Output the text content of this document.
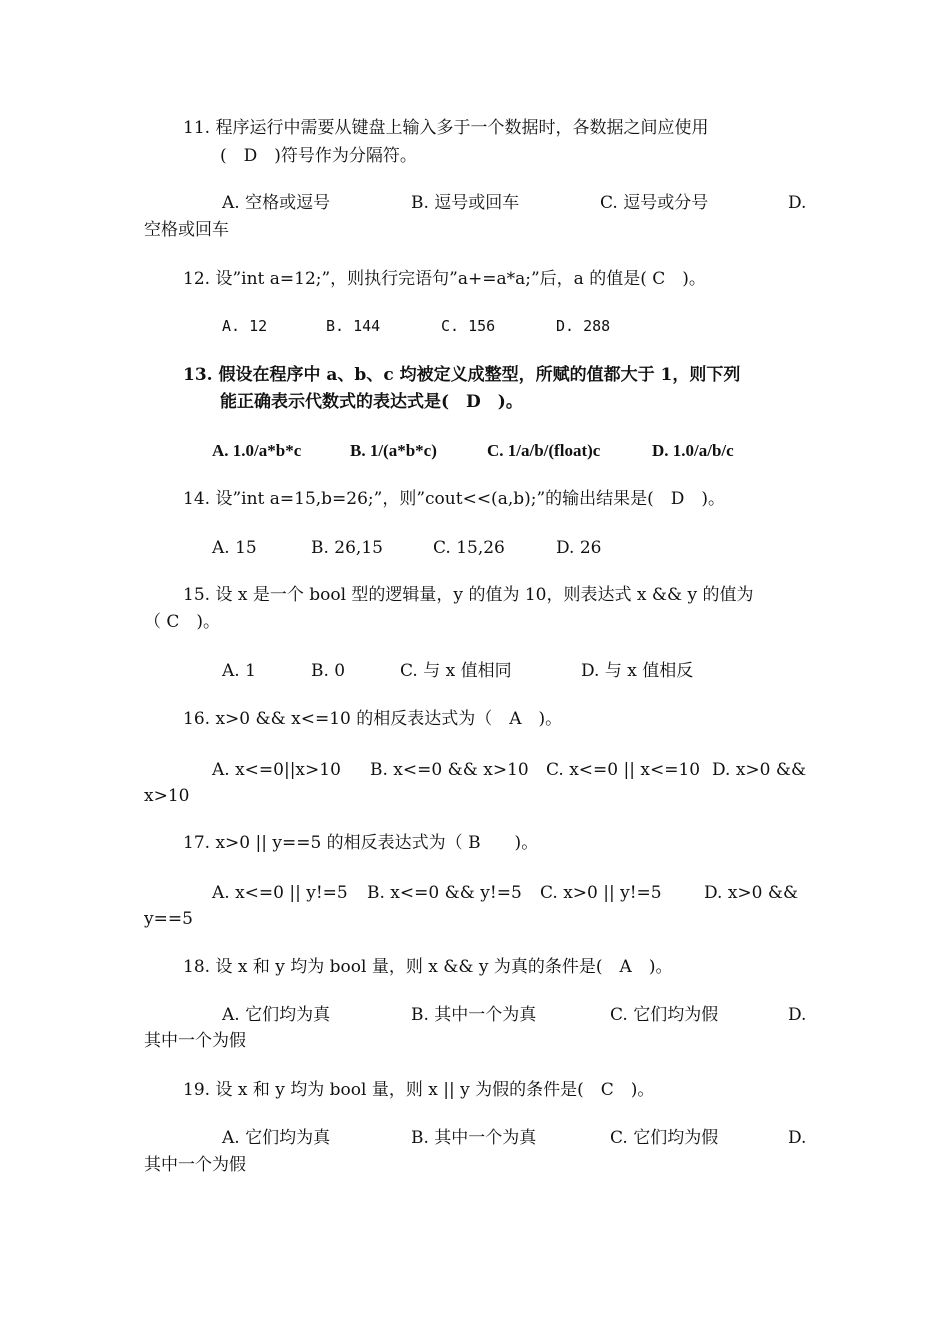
11. 程序运行中需要从键盘上输入多于一个数据时，各数据之间应使用
(　D　)符号作为分隔符。
A. 空格或逗号	B. 逗号或回车	C. 逗号或分号	D.
空格或回车
12. 设”int a=12;”，则执行完语句”a+=a*a;”后，a 的值是( C　)。
A. 12	B. 144	C. 156	D. 288
13. 假设在程序中 a、b、c 均被定义成整型，所赋的值都大于 1，则下列
能正确表示代数式的表达式是(　D　)。
A. 1.0/a*b*c	B. 1/(a*b*c)	C. 1/a/b/(float)c	D. 1.0/a/b/c
14. 设”int a=15,b=26;”，则”cout<<(a,b);”的输出结果是(　D　)。
A. 15	B. 26,15	C. 15,26	D. 26
15. 设 x 是一个 bool 型的逻辑量，y 的值为 10，则表达式 x && y 的值为
（ C　)。
A. 1	B. 0	C. 与 x 值相同	D. 与 x 值相反
16. x>0 && x<=10 的相反表达式为（　A　)。
A. x<=0||x>10 B. x<=0 && x>10 C. x<=0 || x<=10 D. x>0 &&
x>10
17. x>0 || y==5 的相反表达式为（ B　　)。
A. x<=0 || y!=5 B. x<=0 && y!=5 C. x>0 || y!=5 D. x>0 &&
y==5
18. 设 x 和 y 均为 bool 量，则 x && y 为真的条件是(　A　)。
A. 它们均为真	B. 其中一个为真	C. 它们均为假	D.
其中一个为假
19. 设 x 和 y 均为 bool 量，则 x || y 为假的条件是(　C　)。
A. 它们均为真	B. 其中一个为真	C. 它们均为假	D.
其中一个为假
